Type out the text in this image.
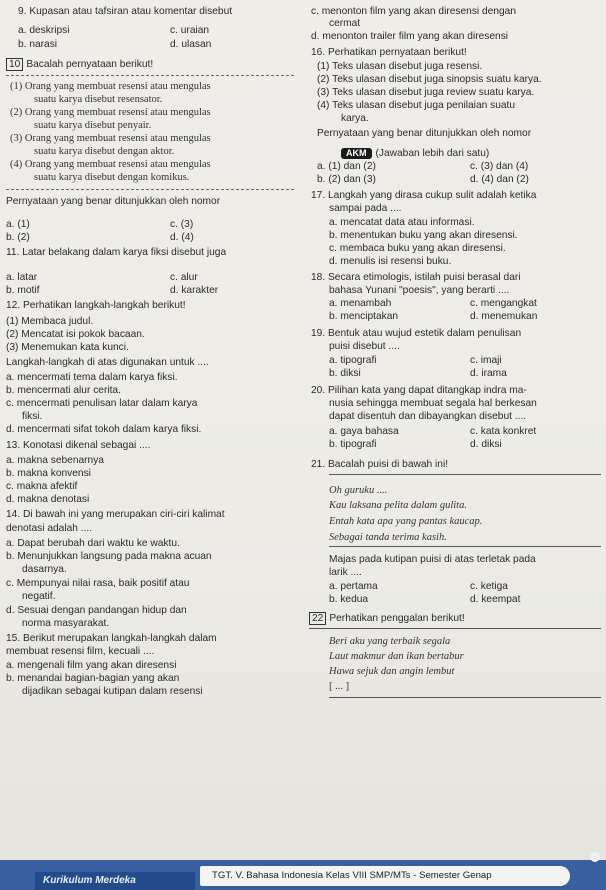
9. Kupasan atau tafsiran atau komentar disebut
a. deskripsi	c. uraian
b. narasi	d. ulasan
10 Bacalah pernyataan berikut!
(1) Orang yang membuat resensi atau mengulas
suatu karya disebut resensator.
(2) Orang yang membuat resensi atau mengulas
suatu karya disebut penyair.
(3) Orang yang membuat resensi atau mengulas
suatu karya disebut dengan aktor.
(4) Orang yang membuat resensi atau mengulas
suatu karya disebut dengan komikus.
Pernyataan yang benar ditunjukkan oleh nomor
a. (1)	c. (3)
b. (2)	d. (4)
11. Latar belakang dalam karya fiksi disebut juga
a. latar	c. alur
b. motif	d. karakter
12. Perhatikan langkah-langkah berikut!
(1) Membaca judul.
(2) Mencatat isi pokok bacaan.
(3) Menemukan kata kunci.
Langkah-langkah di atas digunakan untuk ....
a. mencermati tema dalam karya fiksi.
b. mencermati alur cerita.
c. mencermati penulisan latar dalam karya
fiksi.
d. mencermati sifat tokoh dalam karya fiksi.
13. Konotasi dikenal sebagai ....
a. makna sebenarnya
b. makna konvensi
c. makna afektif
d. makna denotasi
14. Di bawah ini yang merupakan ciri-ciri kalimat
denotasi adalah ....
a. Dapat berubah dari waktu ke waktu.
b. Menunjukkan langsung pada makna acuan
dasarnya.
c. Mempunyai nilai rasa, baik positif atau
negatif.
d. Sesuai dengan pandangan hidup dan
norma masyarakat.
15. Berikut merupakan langkah-langkah dalam
membuat resensi film, kecuali ....
a. mengenali film yang akan diresensi
b. menandai bagian-bagian yang akan
dijadikan sebagai kutipan dalam resensi
c. menonton film yang akan diresensi dengan
cermat
d. menonton trailer film yang akan diresensi
16. Perhatikan pernyataan berikut!
(1) Teks ulasan disebut juga resensi.
(2) Teks ulasan disebut juga sinopsis suatu karya.
(3) Teks ulasan disebut juga review suatu karya.
(4) Teks ulasan disebut juga penilaian suatu
karya.
Pernyataan yang benar ditunjukkan oleh nomor
AKM (Jawaban lebih dari satu)
a. (1) dan (2)	c. (3) dan (4)
b. (2) dan (3)	d. (4) dan (2)
17. Langkah yang dirasa cukup sulit adalah ketika
sampai pada ....
a. mencatat data atau informasi.
b. menentukan buku yang akan diresensi.
c. membaca buku yang akan diresensi.
d. menulis isi resensi buku.
18. Secara etimologis, istilah puisi berasal dari
bahasa Yunani "poesis", yang berarti ....
a. menambah	c. mengangkat
b. menciptakan	d. menemukan
19. Bentuk atau wujud estetik dalam penulisan
puisi disebut ....
a. tipografi	c. imaji
b. diksi	d. irama
20. Pilihan kata yang dapat ditangkap indra ma-
nusia sehingga membuat segala hal berkesan
dapat disentuh dan dibayangkan disebut ....
a. gaya bahasa	c. kata konkret
b. tipografi	d. diksi
21. Bacalah puisi di bawah ini!
Oh guruku ....
Kau laksana pelita dalam gulita.
Entah kata apa yang pantas kaucap.
Sebagai tanda terima kasih.
Majas pada kutipan puisi di atas terletak pada
larik ....
a. pertama	c. ketiga
b. kedua	d. keempat
22 Perhatikan penggalan berikut!
Beri aku yang terbaik segala
Laut makmur dan ikan bertabur
Hawa sejuk dan angin lembut
[ ... ]
Kurikulum Merdeka	TGT. V. Bahasa Indonesia Kelas VIII SMP/MTs - Semester Genap
